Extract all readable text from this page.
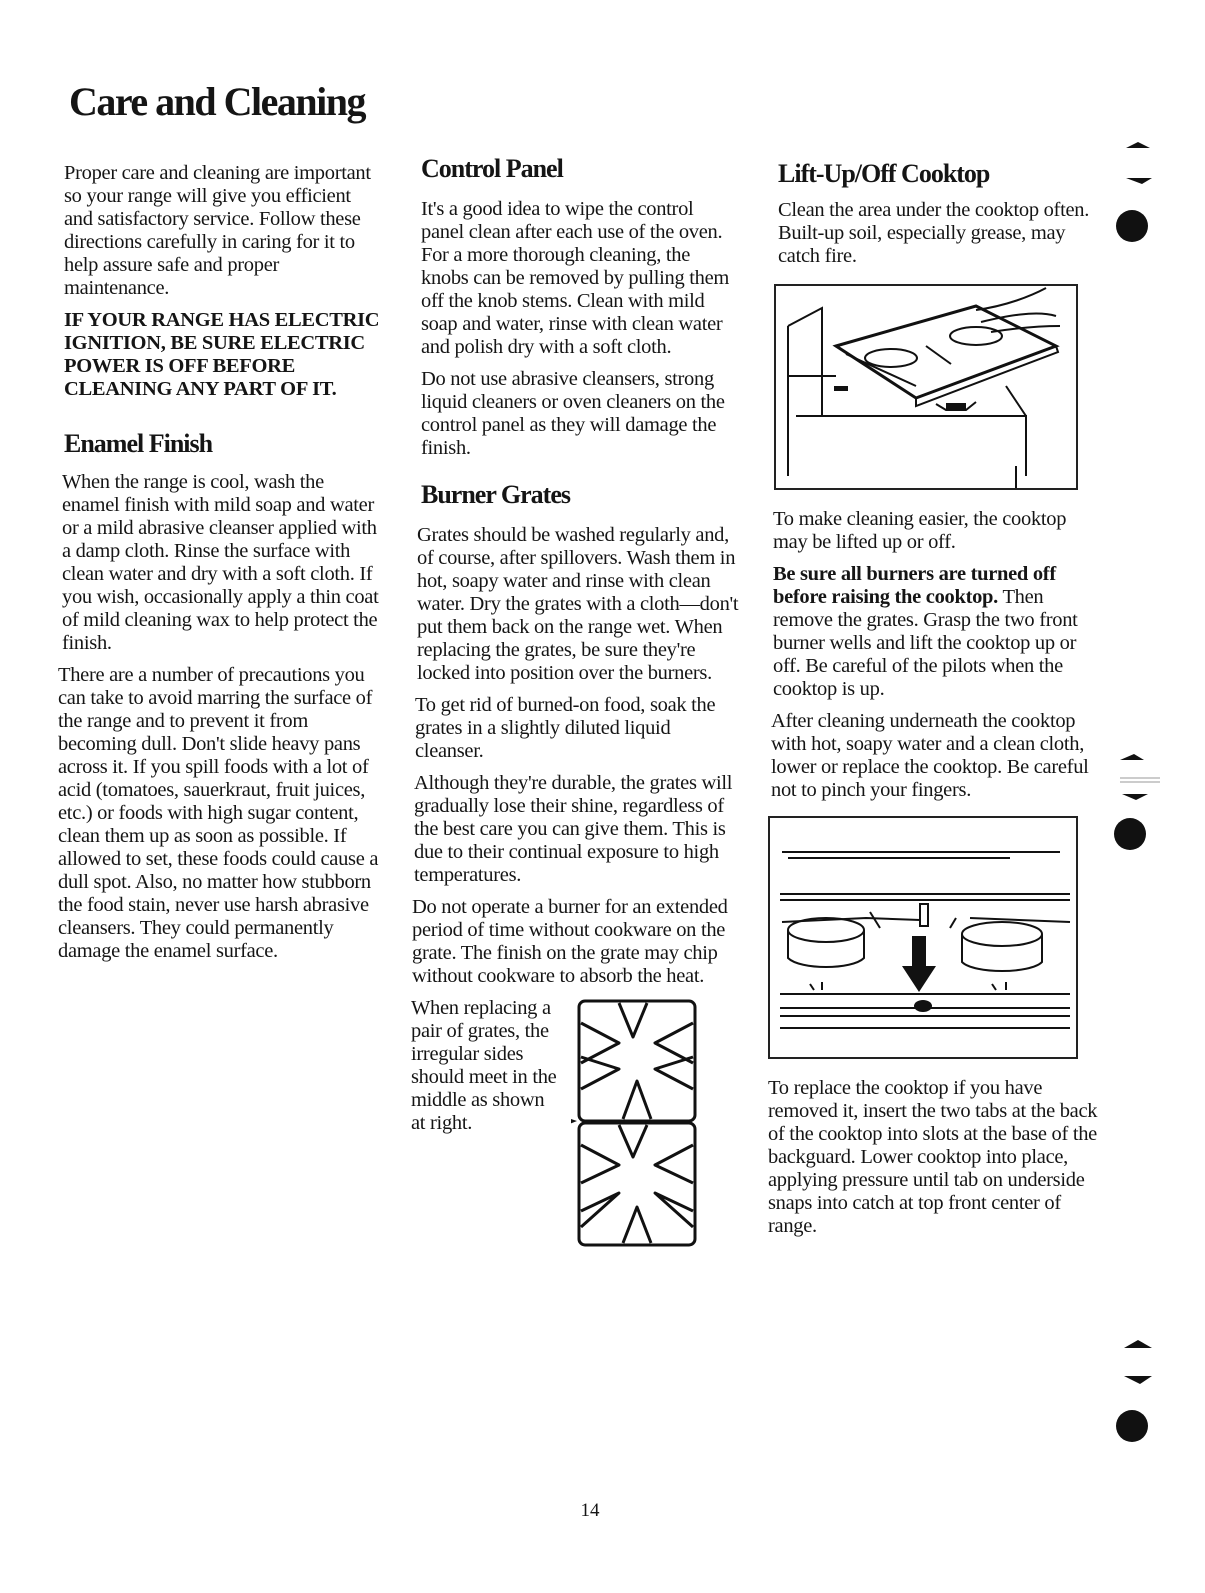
Care and Cleaning

Proper care and cleaning are important so your range will give you efficient and satisfactory service. Follow these directions carefully in caring for it to help assure safe and proper maintenance.

IF YOUR RANGE HAS ELECTRIC IGNITION, BE SURE ELECTRIC POWER IS OFF BEFORE CLEANING ANY PART OF IT.

Enamel Finish

When the range is cool, wash the enamel finish with mild soap and water or a mild abrasive cleanser applied with a damp cloth. Rinse the surface with clean water and dry with a soft cloth. If you wish, occasionally apply a thin coat of mild cleaning wax to help protect the finish.

There are a number of precautions you can take to avoid marring the surface of the range and to prevent it from becoming dull. Don't slide heavy pans across it. If you spill foods with a lot of acid (tomatoes, sauerkraut, fruit juices, etc.) or foods with high sugar content, clean them up as soon as possible. If allowed to set, these foods could cause a dull spot. Also, no matter how stubborn the food stain, never use harsh abrasive cleansers. They could permanently damage the enamel surface.

Control Panel

It's a good idea to wipe the control panel clean after each use of the oven. For a more thorough cleaning, the knobs can be removed by pulling them off the knob stems. Clean with mild soap and water, rinse with clean water and polish dry with a soft cloth.

Do not use abrasive cleansers, strong liquid cleaners or oven cleaners on the control panel as they will damage the finish.

Burner Grates

Grates should be washed regularly and, of course, after spillovers. Wash them in hot, soapy water and rinse with clean water. Dry the grates with a cloth—don't put them back on the range wet. When replacing the grates, be sure they're locked into position over the burners.

To get rid of burned-on food, soak the grates in a slightly diluted liquid cleanser.

Although they're durable, the grates will gradually lose their shine, regardless of the best care you can give them. This is due to their continual exposure to high temperatures.

Do not operate a burner for an extended period of time without cookware on the grate. The finish on the grate may chip without cookware to absorb the heat.

When replacing a pair of grates, the irregular sides should meet in the middle as shown at right.

Lift-Up/Off Cooktop

Clean the area under the cooktop often. Built-up soil, especially grease, may catch fire.

To make cleaning easier, the cooktop may be lifted up or off.

Be sure all burners are turned off before raising the cooktop. Then remove the grates. Grasp the two front burner wells and lift the cooktop up or off. Be careful of the pilots when the cooktop is up.

After cleaning underneath the cooktop with hot, soapy water and a clean cloth, lower or replace the cooktop. Be careful not to pinch your fingers.

To replace the cooktop if you have removed it, insert the two tabs at the back of the cooktop into slots at the base of the backguard. Lower cooktop into place, applying pressure until tab on underside snaps into catch at top front center of range.

14
